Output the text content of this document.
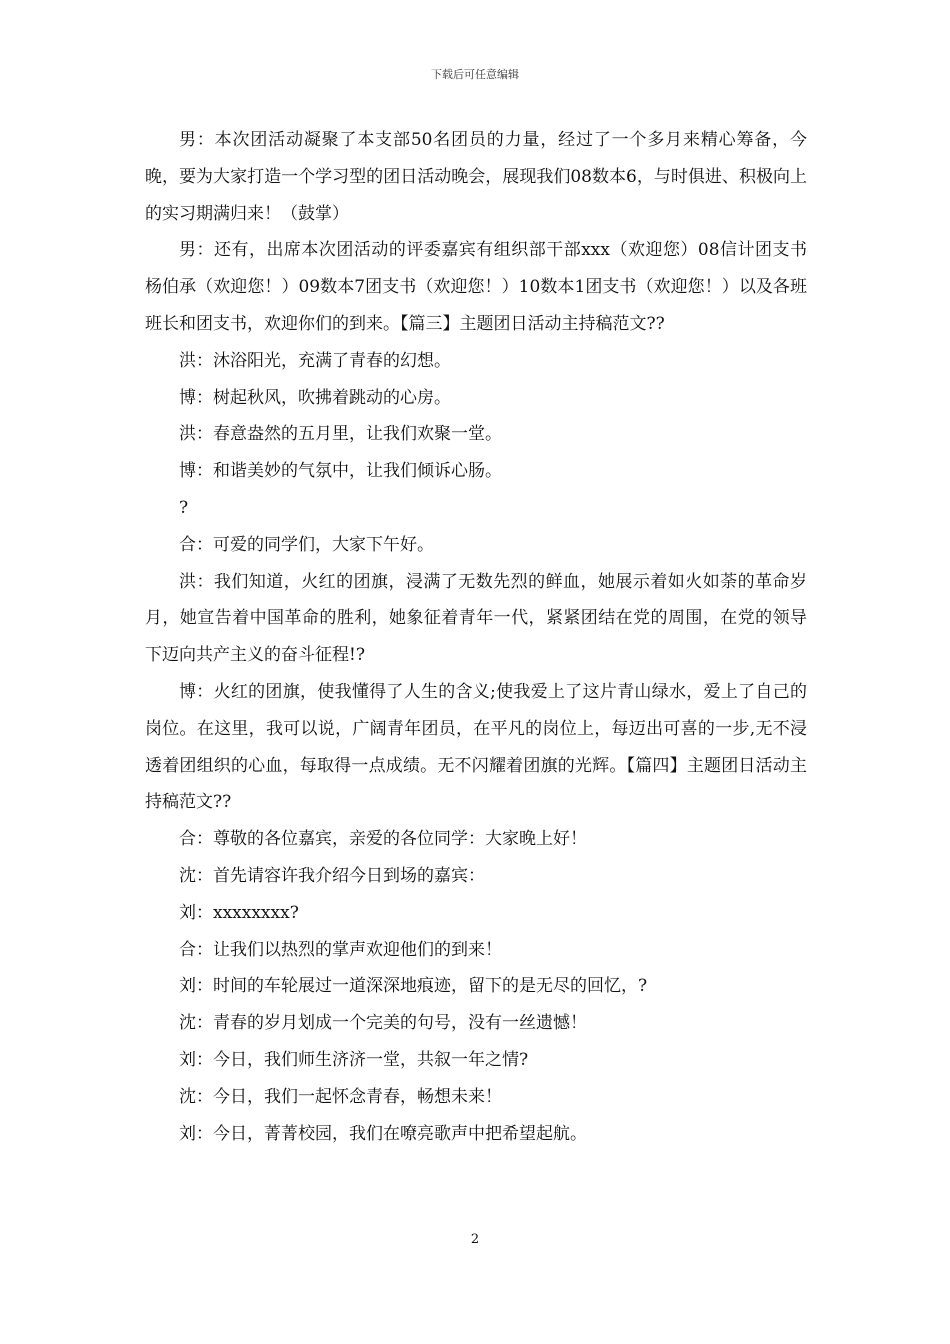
下载后可任意编辑

男：本次团活动凝聚了本支部50名团员的力量，经过了一个多月来精心筹备，今晚，要为大家打造一个学习型的团日活动晚会，展现我们08数本6，与时俱进、积极向上的实习期满归来！（鼓掌）

男：还有，出席本次团活动的评委嘉宾有组织部干部xxx（欢迎您）08信计团支书杨伯承（欢迎您！）09数本7团支书（欢迎您！）10数本1团支书（欢迎您！）以及各班班长和团支书，欢迎你们的到来。【篇三】主题团日活动主持稿范文??

洪：沐浴阳光，充满了青春的幻想。

博：树起秋风，吹拂着跳动的心房。

洪：春意盎然的五月里，让我们欢聚一堂。

博：和谐美妙的气氛中，让我们倾诉心肠。

?

合：可爱的同学们，大家下午好。

洪：我们知道，火红的团旗，浸满了无数先烈的鲜血，她展示着如火如荼的革命岁月，她宣告着中国革命的胜利，她象征着青年一代，紧紧团结在党的周围，在党的领导下迈向共产主义的奋斗征程!?

博：火红的团旗，使我懂得了人生的含义;使我爱上了这片青山绿水，爱上了自己的岗位。在这里，我可以说，广阔青年团员，在平凡的岗位上，每迈出可喜的一步,无不浸透着团组织的心血，每取得一点成绩。无不闪耀着团旗的光辉。【篇四】主题团日活动主持稿范文??

合：尊敬的各位嘉宾，亲爱的各位同学：大家晚上好！

沈：首先请容许我介绍今日到场的嘉宾：

刘：xxxxxxxx?

合：让我们以热烈的掌声欢迎他们的到来！

刘：时间的车轮展过一道深深地痕迹，留下的是无尽的回忆，?

沈：青春的岁月划成一个完美的句号，没有一丝遗憾！

刘：今日，我们师生济济一堂，共叙一年之情?

沈：今日，我们一起怀念青春，畅想未来！

刘：今日，菁菁校园，我们在嘹亮歌声中把希望起航。

2
